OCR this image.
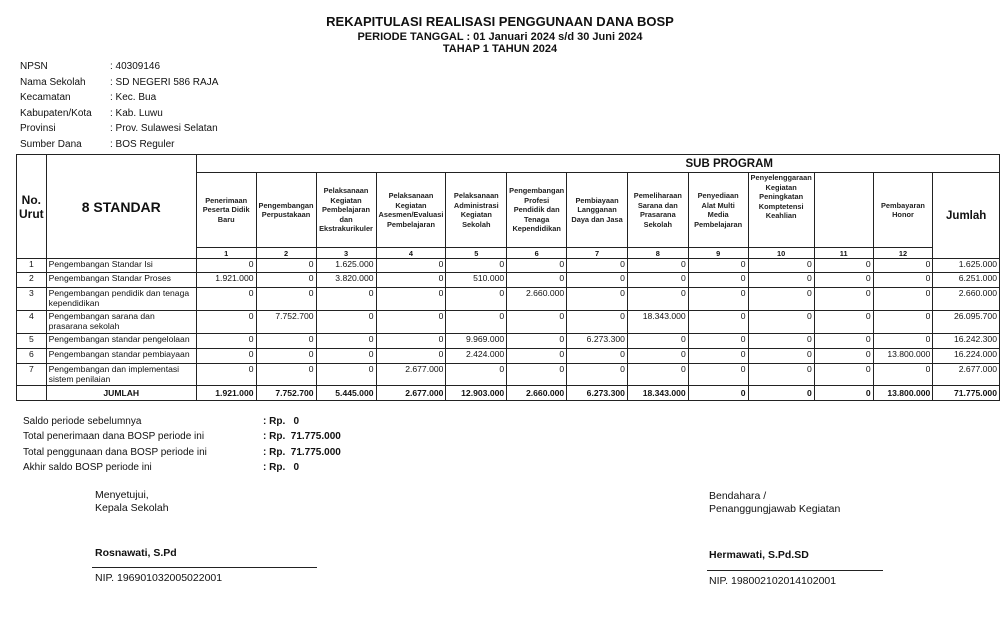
REKAPITULASI REALISASI PENGGUNAAN DANA BOSP
PERIODE TANGGAL : 01 Januari 2024 s/d 30 Juni 2024
TAHAP 1 TAHUN 2024
NPSN	: 40309146
Nama Sekolah	: SD NEGERI 586 RAJA
Kecamatan	: Kec. Bua
Kabupaten/Kota	: Kab. Luwu
Provinsi	: Prov. Sulawesi Selatan
Sumber Dana	: BOS Reguler
No. Urut	8 STANDAR	SUB PROGRAM												
		Penerimaan Peserta Didik Baru	Pengembangan Perpustakaan	Pelaksanaan Kegiatan Pembelajaran dan Ekstrakurikuler	Pelaksanaan Kegiatan Asesmen/Evaluasi Pembelajaran	Pelaksanaan Administrasi Kegiatan Sekolah	Pengembangan Profesi Pendidik dan Tenaga Kependidikan	Pembiayaan Langganan Daya dan Jasa	Pemeliharaan Sarana dan Prasarana Sekolah	Penyediaan Alat Multi Media Pembelajaran	Penyelenggaraan Kegiatan Peningkatan Komptetensi Keahlian		Pembayaran Honor	Jumlah
		1	2	3	4	5	6	7	8	9	10	11	12	
1	Pengembangan Standar Isi	0	0	1.625.000	0	0	0	0	0	0	0	0	0	1.625.000
2	Pengembangan Standar Proses	1.921.000	0	3.820.000	0	510.000	0	0	0	0	0	0	0	6.251.000
3	Pengembangan pendidik dan tenaga kependidikan	0	0	0	0	0	2.660.000	0	0	0	0	0	0	2.660.000
4	Pengembangan sarana dan prasarana sekolah	0	7.752.700	0	0	0	0	0	18.343.000	0	0	0	0	26.095.700
5	Pengembangan standar pengelolaan	0	0	0	0	9.969.000	0	6.273.300	0	0	0	0	0	16.242.300
6	Pengembangan standar pembiayaan	0	0	0	0	2.424.000	0	0	0	0	0	0	13.800.000	16.224.000
7	Pengembangan dan implementasi sistem penilaian	0	0	0	2.677.000	0	0	0	0	0	0	0	0	2.677.000
	JUMLAH	1.921.000	7.752.700	5.445.000	2.677.000	12.903.000	2.660.000	6.273.300	18.343.000	0	0	0	13.800.000	71.775.000
Saldo periode sebelumnya	: Rp.   0
Total penerimaan dana BOSP periode ini	: Rp.  71.775.000
Total penggunaan dana BOSP periode ini	: Rp.  71.775.000
Akhir saldo BOSP periode ini	: Rp.   0
Menyetujui,
Kepala Sekolah
Rosnawati, S.Pd
NIP. 196901032005022001
Bendahara /
Penanggungjawab Kegiatan
Hermawati, S.Pd.SD
NIP. 198002102014102001
